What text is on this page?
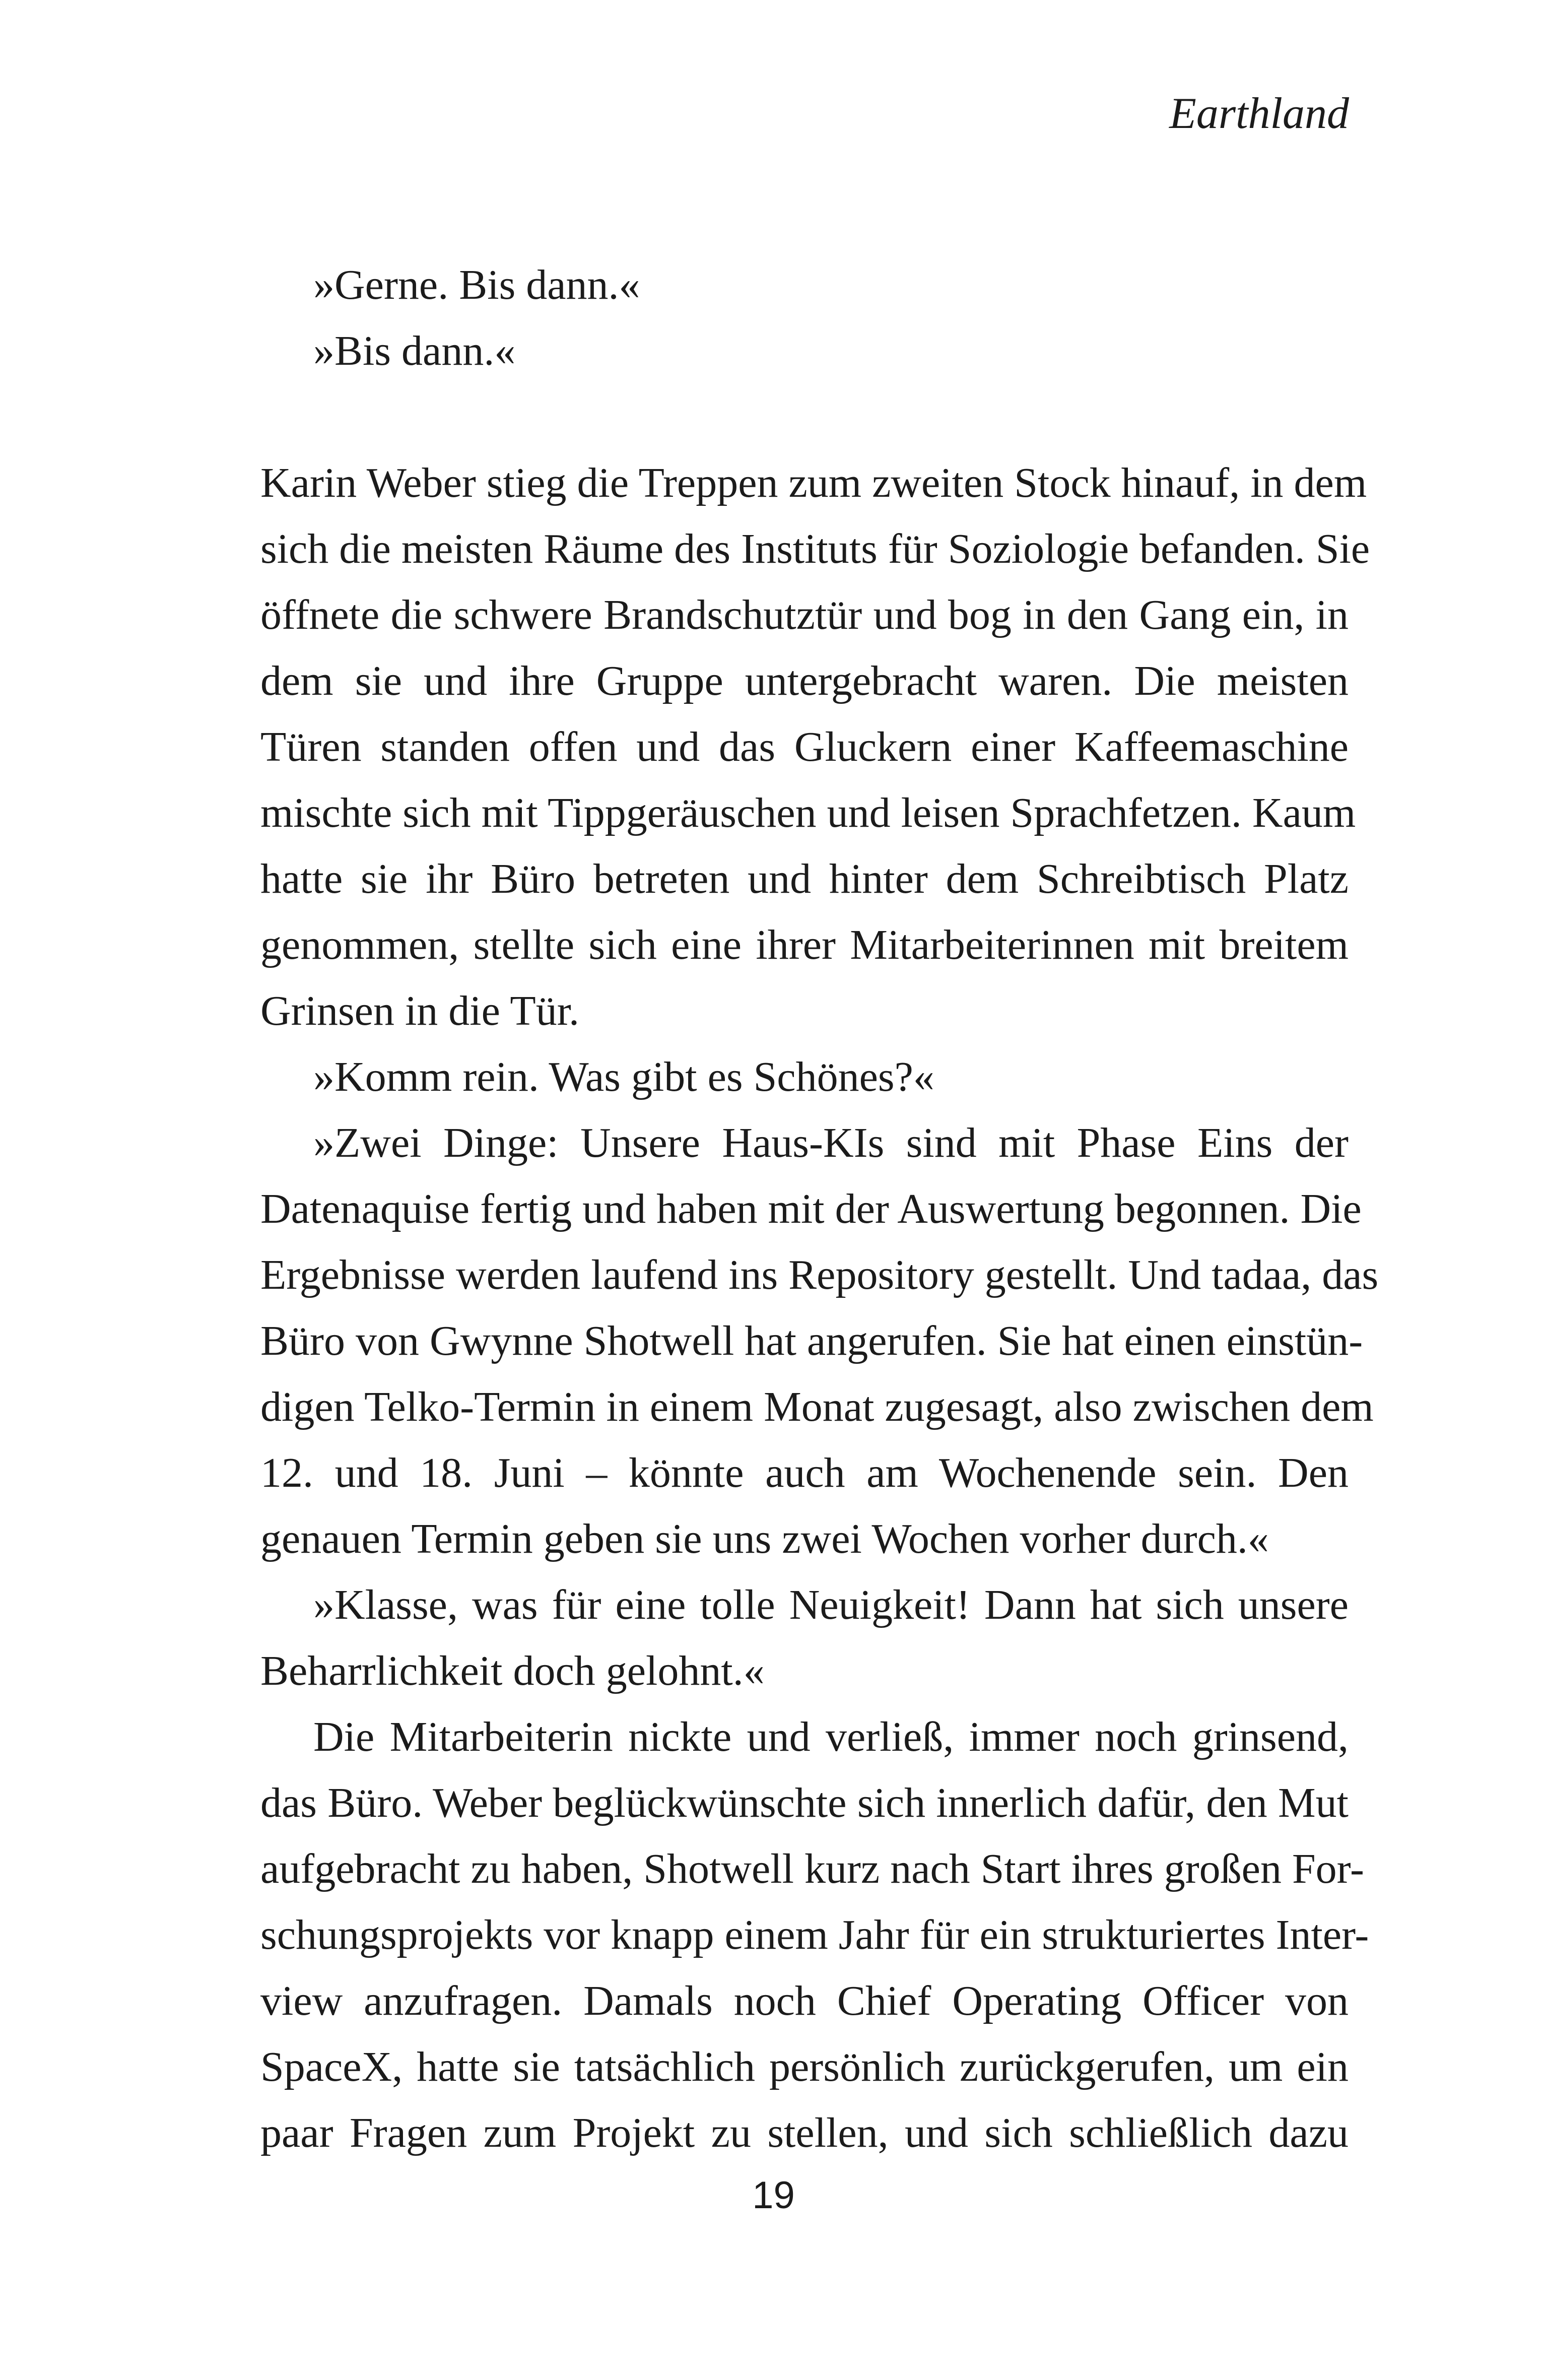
Earthland
»Gerne. Bis dann.«
»Bis dann.«
Karin Weber stieg die Treppen zum zweiten Stock hinauf, in dem
sich die meisten Räume des Instituts für Soziologie befanden. Sie
öffnete die schwere Brandschutztür und bog in den Gang ein, in
dem sie und ihre Gruppe untergebracht waren. Die meisten
Türen standen offen und das Gluckern einer Kaffeemaschine
mischte sich mit Tippgeräuschen und leisen Sprachfetzen. Kaum
hatte sie ihr Büro betreten und hinter dem Schreibtisch Platz
genommen, stellte sich eine ihrer Mitarbeiterinnen mit breitem
Grinsen in die Tür.
»Komm rein. Was gibt es Schönes?«
»Zwei Dinge: Unsere Haus-KIs sind mit Phase Eins der
Datenaquise fertig und haben mit der Auswertung begonnen. Die
Ergebnisse werden laufend ins Repository gestellt. Und tadaa, das
Büro von Gwynne Shotwell hat angerufen. Sie hat einen einstün-
digen Telko-Termin in einem Monat zugesagt, also zwischen dem
12. und 18. Juni – könnte auch am Wochenende sein. Den
genauen Termin geben sie uns zwei Wochen vorher durch.«
»Klasse, was für eine tolle Neuigkeit! Dann hat sich unsere
Beharrlichkeit doch gelohnt.«
Die Mitarbeiterin nickte und verließ, immer noch grinsend,
das Büro. Weber beglückwünschte sich innerlich dafür, den Mut
aufgebracht zu haben, Shotwell kurz nach Start ihres großen For-
schungsprojekts vor knapp einem Jahr für ein strukturiertes Inter-
view anzufragen. Damals noch Chief Operating Officer von
SpaceX, hatte sie tatsächlich persönlich zurückgerufen, um ein
paar Fragen zum Projekt zu stellen, und sich schließlich dazu
19
